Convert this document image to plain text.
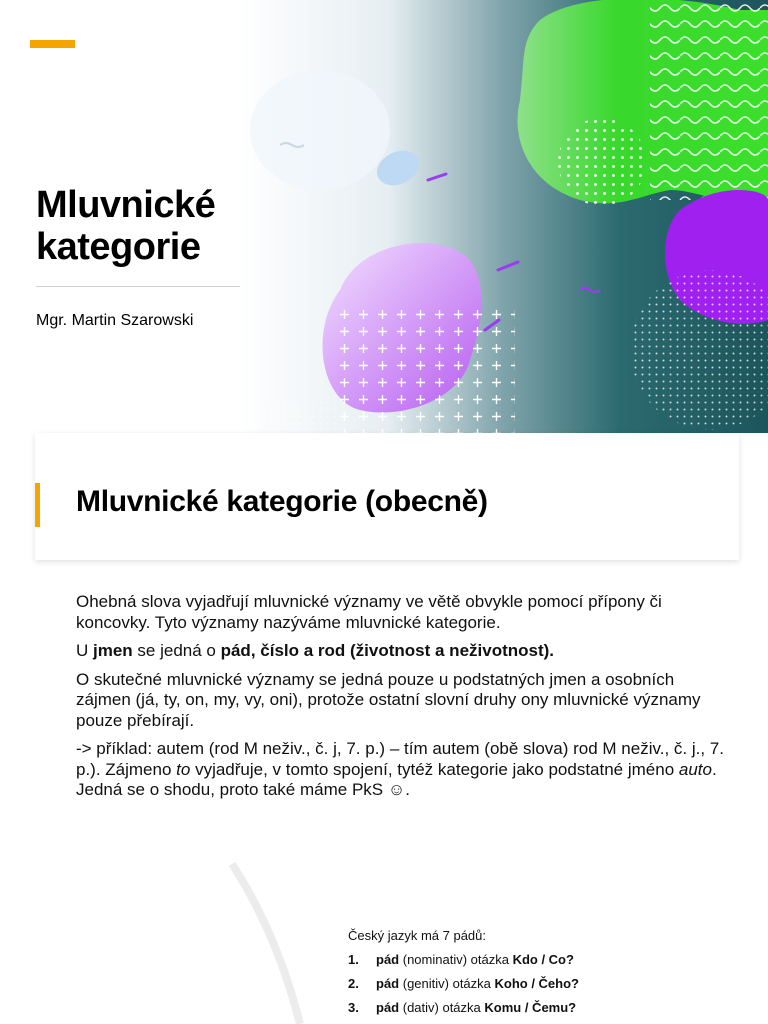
Mluvnické
kategorie
Mgr. Martin Szarowski
Mluvnické kategorie (obecně)

Ohebná slova vyjadřují mluvnické významy ve větě obvykle pomocí přípony či koncovky. Tyto významy nazýváme mluvnické kategorie.

U jmen se jedná o pád, číslo a rod (životnost a neživotnost).

O skutečné mluvnické významy se jedná pouze u podstatných jmen a osobních zájmen (já, ty, on, my, vy, oni), protože ostatní slovní druhy ony mluvnické významy pouze přebírají.

-> příklad: autem (rod M neživ., č. j, 7. p.) – tím autem (obě slova) rod M neživ., č. j., 7. p.). Zájmeno to vyjadřuje, v tomto spojení, tytéž kategorie jako podstatné jméno auto. Jedná se o shodu, proto také máme PkS ☺.

Český jazyk má 7 pádů:

1. pád (nominativ) otázka Kdo / Co?
2. pád (genitiv) otázka Koho / Čeho?
3. pád (dativ) otázka Komu / Čemu?
